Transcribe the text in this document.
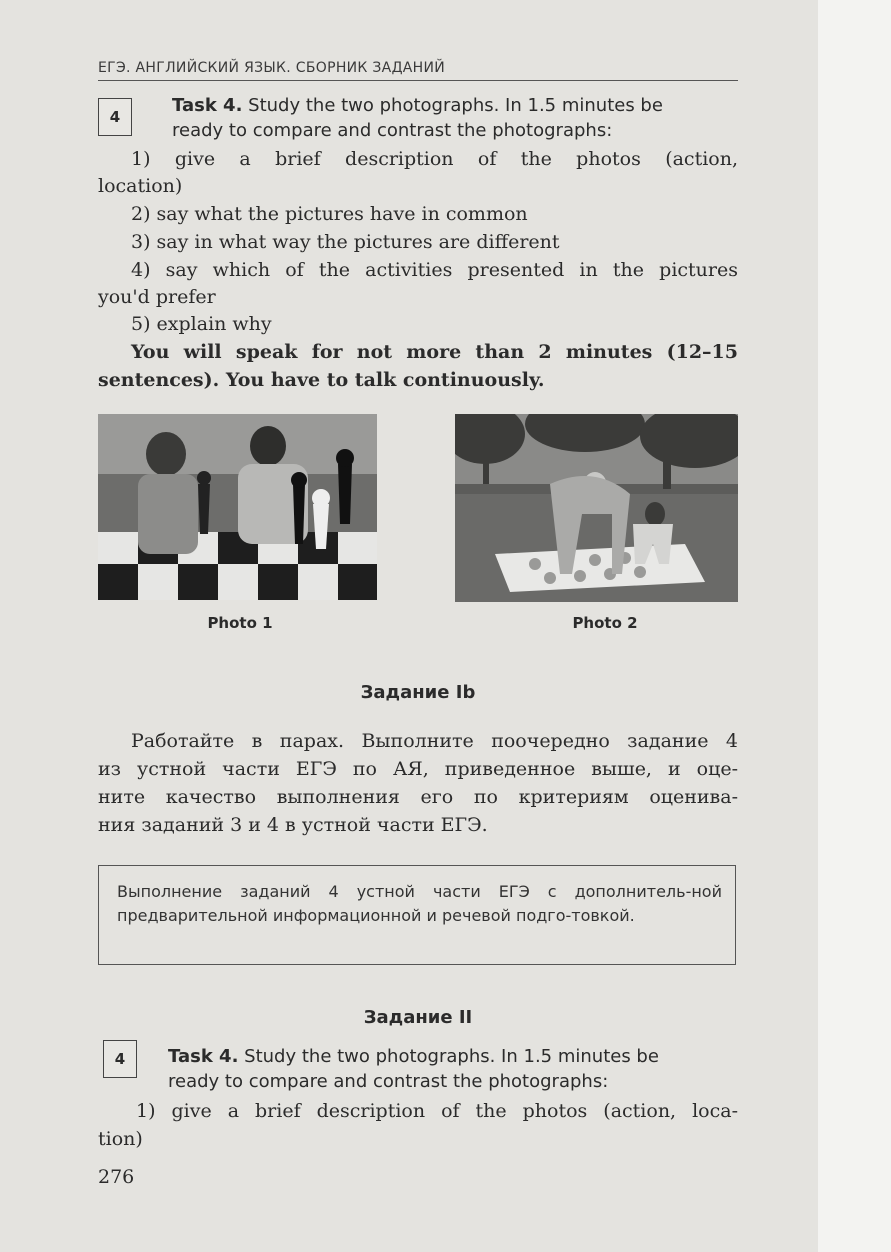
ЕГЭ. АНГЛИЙСКИЙ ЯЗЫК. СБОРНИК ЗАДАНИЙ
4
Task 4. Study the two photographs. In 1.5 minutes be
ready to compare and contrast the photographs:
1) give a brief description of the photos (action,
location)
2) say what the pictures have in common
3) say in what way the pictures are different
4) say which of the activities presented in the pictures
you'd prefer
5) explain why
You will speak for not more than 2 minutes (12–15
sentences). You have to talk continuously.
Photo 1	Photo 2
Задание Ib
Работайте в парах. Выполните поочередно задание 4
из устной части ЕГЭ по АЯ, приведенное выше, и оце-
ните качество выполнения его по критериям оценива-
ния заданий 3 и 4 в устной части ЕГЭ.
Выполнение заданий 4 устной части ЕГЭ с дополнитель-ной предварительной информационной и речевой подго-товкой.
Задание II
4	Task 4. Study the two photographs. In 1.5 minutes be
ready to compare and contrast the photographs:
1) give a brief description of the photos (action, loca-
tion)
276
